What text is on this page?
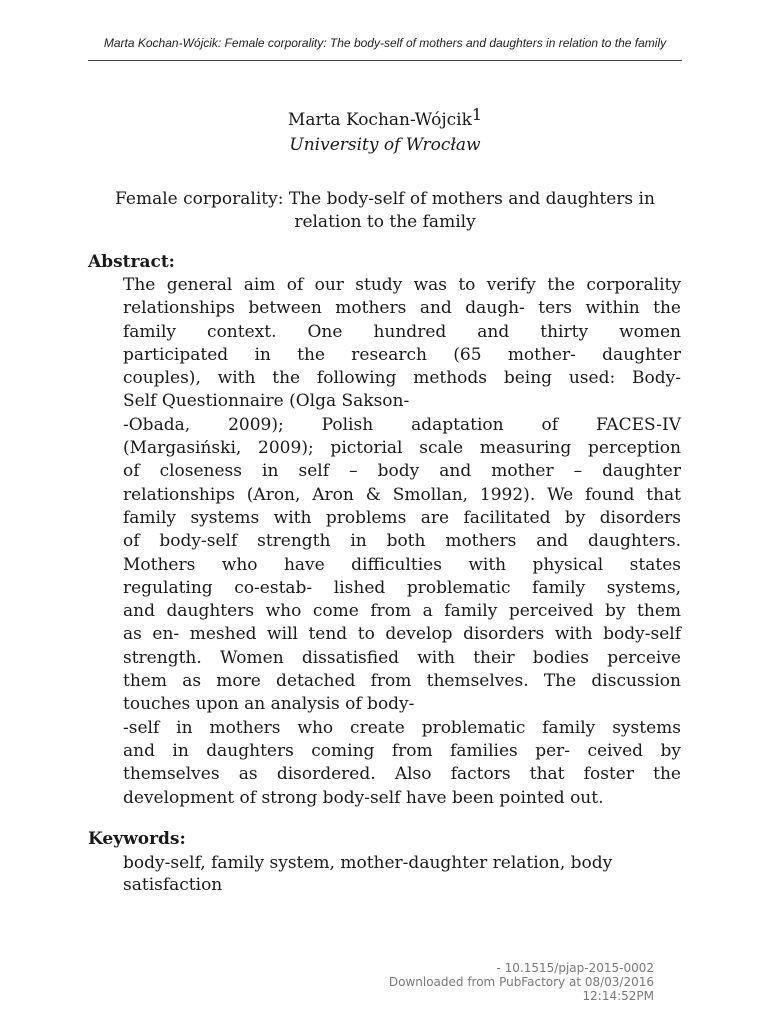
Marta Kochan-Wójcik: Female corporality: The body-self of mothers and daughters in relation to the family
Marta Kochan-Wójcik$^1$
University of Wrocław
Female corporality: The body-self of mothers and daughters in relation to the family
Abstract:
The general aim of our study was to verify the corporality
relationships between mothers and daugh- ters within the
family context. One hundred and thirty women
participated in the research (65 mother- daughter
couples), with the following methods being used: Body-
Self Questionnaire (Olga Sakson-
-Obada, 2009); Polish adaptation of FACES-IV
(Margasiński, 2009); pictorial scale measuring perception
of closeness in self – body and mother – daughter
relationships (Aron, Aron & Smollan, 1992). We found that
family systems with problems are facilitated by disorders
of body-self strength in both mothers and daughters.
Mothers who have difficulties with physical states
regulating co-estab- lished problematic family systems,
and daughters who come from a family perceived by them
as en- meshed will tend to develop disorders with body-self
strength. Women dissatisfied with their bodies perceive
them as more detached from themselves. The discussion
touches upon an analysis of body-
-self in mothers who create problematic family systems
and in daughters coming from families per- ceived by
themselves as disordered. Also factors that foster the
development of strong body-self have been pointed out.
Keywords:
body-self, family system, mother-daughter relation, body satisfaction
- 10.1515/pjap-2015-0002
Downloaded from PubFactory at 08/03/2016
12:14:52PM
